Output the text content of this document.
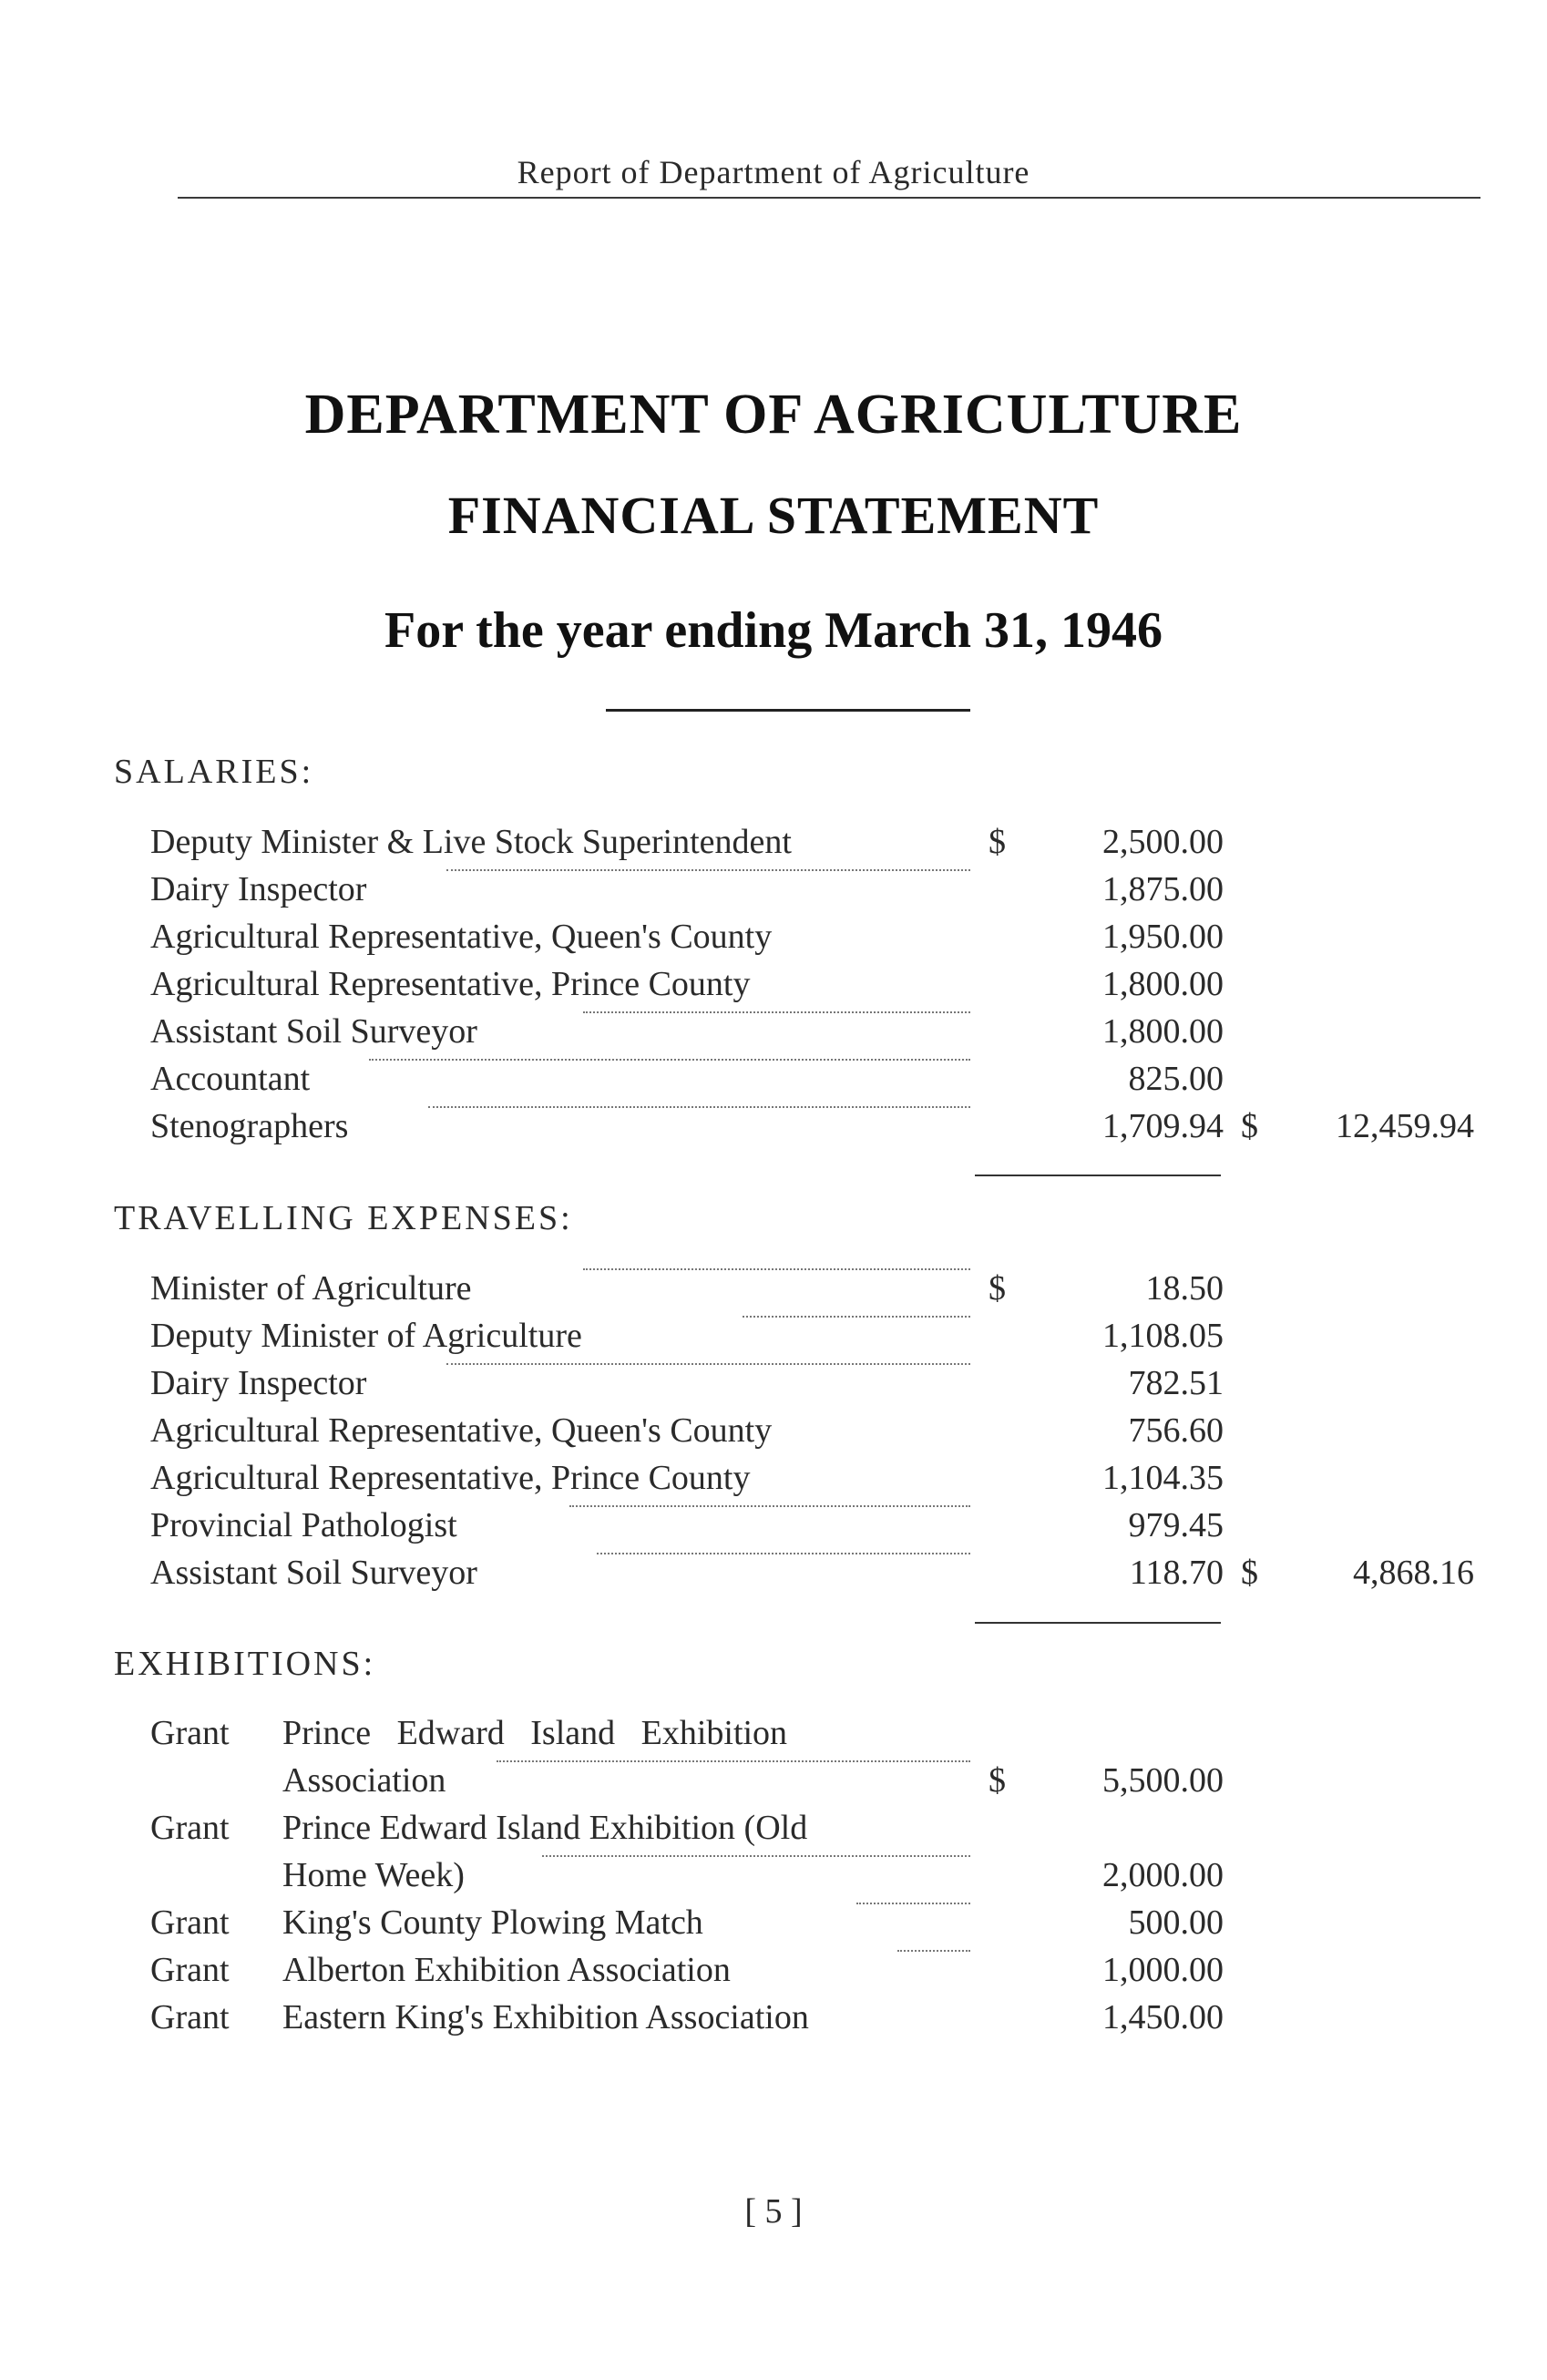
Report of Department of Agriculture
DEPARTMENT OF AGRICULTURE
FINANCIAL STATEMENT
For the year ending March 31, 1946
SALARIES:
Deputy Minister & Live Stock Superintendent	$	2,500.00
Dairy Inspector	1,875.00
Agricultural Representative, Queen's County	1,950.00
Agricultural Representative, Prince County	1,800.00
Assistant Soil Surveyor	1,800.00
Accountant	825.00
Stenographers	1,709.94 $ 12,459.94
TRAVELLING EXPENSES:
Minister of Agriculture	$	18.50
Deputy Minister of Agriculture	1,108.05
Dairy Inspector	782.51
Agricultural Representative, Queen's County	756.60
Agricultural Representative, Prince County	1,104.35
Provincial Pathologist	979.45
Assistant Soil Surveyor	118.70 $	4,868.16
EXHIBITIONS:
Grant Prince   Edward   Island   Exhibition
Association	$	5,500.00
Grant Prince Edward Island Exhibition (Old
Home Week)	2,000.00
Grant King's County Plowing Match	500.00
Grant Alberton Exhibition Association	1,000.00
Grant Eastern King's Exhibition Association	1,450.00
[ 5 ]
